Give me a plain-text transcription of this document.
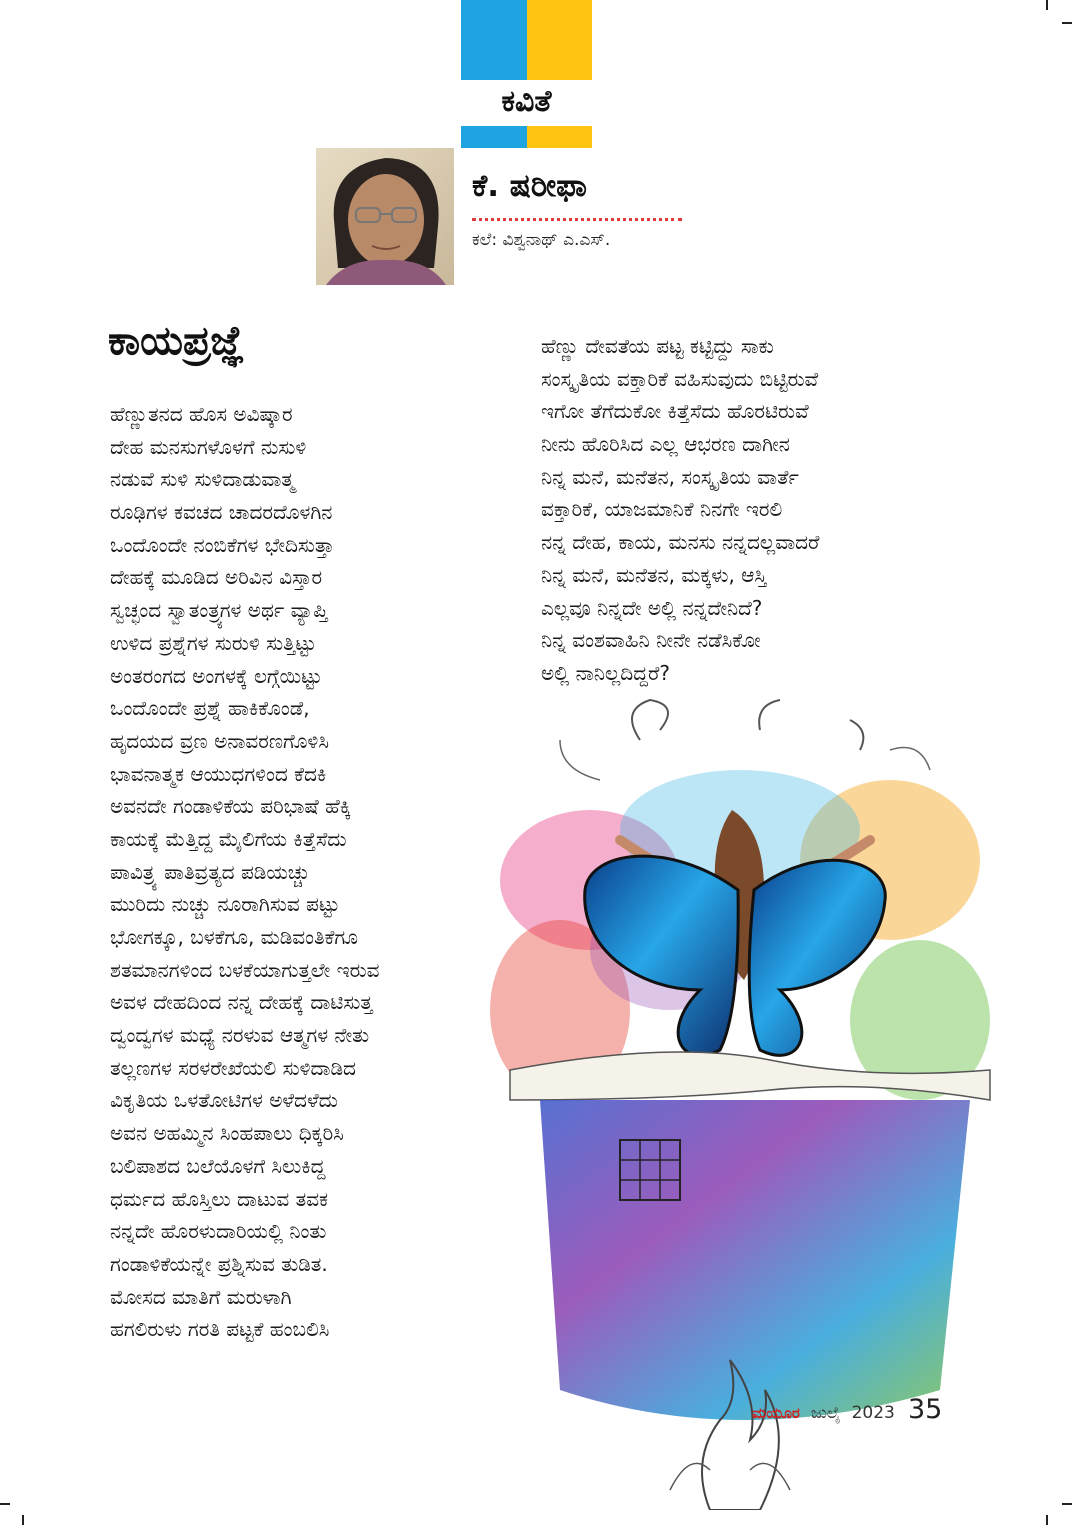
ಕವಿತೆ
ಕೆ. ಷರೀಫಾ
ಕಲೆ: ವಿಶ್ವನಾಥ್ ಎ.ಎಸ್.
ಕಾಯಪ್ರಜ್ಞೆ
ಹೆಣ್ಣುತನದ ಹೊಸ ಅವಿಷ್ಕಾರ
ದೇಹ ಮನಸುಗಳೊಳಗೆ ನುಸುಳಿ
ನಡುವೆ ಸುಳಿ ಸುಳಿದಾಡುವಾತ್ಮ
ರೂಢಿಗಳ ಕವಚದ ಚಾದರದೊಳಗಿನ
ಒಂದೊಂದೇ ನಂಬಿಕೆಗಳ ಭೇದಿಸುತ್ತಾ
ದೇಹಕ್ಕೆ ಮೂಡಿದ ಅರಿವಿನ ವಿಸ್ತಾರ
ಸ್ವಚ್ಛಂದ ಸ್ವಾತಂತ್ರ್ಯಗಳ ಅರ್ಥ ವ್ಯಾಪ್ತಿ
ಉಳಿದ ಪ್ರಶ್ನೆಗಳ ಸುರುಳಿ ಸುತ್ತಿಟ್ಟು
ಅಂತರಂಗದ ಅಂಗಳಕ್ಕೆ ಲಗ್ಗೆಯಿಟ್ಟು
ಒಂದೊಂದೇ ಪ್ರಶ್ನೆ ಹಾಕಿಕೊಂಡೆ,
ಹೃದಯದ ವ್ರಣ ಅನಾವರಣಗೊಳಿಸಿ
ಭಾವನಾತ್ಮಕ ಆಯುಧಗಳಿಂದ ಕೆದಕಿ
ಅವನದೇ ಗಂಡಾಳಿಕೆಯ ಪರಿಭಾಷೆ ಹೆಕ್ಕಿ
ಕಾಯಕ್ಕೆ ಮೆತ್ತಿದ್ದ ಮೈಲಿಗೆಯ ಕಿತ್ತೆಸೆದು
ಪಾವಿತ್ರ್ಯ ಪಾತಿವ್ರತ್ಯದ ಪಡಿಯಚ್ಚು
ಮುರಿದು ನುಚ್ಚು ನೂರಾಗಿಸುವ ಪಟ್ಟು
ಭೋಗಕ್ಕೂ, ಬಳಕೆಗೂ, ಮಡಿವಂತಿಕೆಗೂ
ಶತಮಾನಗಳಿಂದ ಬಳಕೆಯಾಗುತ್ತಲೇ ಇರುವ
ಅವಳ ದೇಹದಿಂದ ನನ್ನ ದೇಹಕ್ಕೆ ದಾಟಿಸುತ್ತ
ದ್ವಂದ್ವಗಳ ಮಧ್ಯೆ ನರಳುವ ಆತ್ಮಗಳ ನೇತು
ತಲ್ಲಣಗಳ ಸರಳರೇಖೆಯಲಿ ಸುಳಿದಾಡಿದ
ವಿಕೃತಿಯ ಒಳತೋಟಿಗಳ ಅಳೆದಳೆದು
ಅವನ ಅಹಮ್ಮಿನ ಸಿಂಹಪಾಲು ಧಿಕ್ಕರಿಸಿ
ಬಲಿಪಾಶದ ಬಲೆಯೊಳಗೆ ಸಿಲುಕಿದ್ದ
ಧರ್ಮದ ಹೊಸ್ತಿಲು ದಾಟುವ ತವಕ
ನನ್ನದೇ ಹೊರಳುದಾರಿಯಲ್ಲಿ ನಿಂತು
ಗಂಡಾಳಿಕೆಯನ್ನೇ ಪ್ರಶ್ನಿಸುವ ತುಡಿತ.
ಮೋಸದ ಮಾತಿಗೆ ಮರುಳಾಗಿ
ಹಗಲಿರುಳು ಗರತಿ ಪಟ್ಟಕೆ ಹಂಬಲಿಸಿ
ಹೆಣ್ಣು ದೇವತೆಯ ಪಟ್ಟ ಕಟ್ಟಿದ್ದು ಸಾಕು
ಸಂಸ್ಕೃತಿಯ ವಕ್ತಾರಿಕೆ ವಹಿಸುವುದು ಬಿಟ್ಟಿರುವೆ
ಇಗೋ ತೆಗೆದುಕೋ ಕಿತ್ತೆಸೆದು ಹೊರಟಿರುವೆ
ನೀನು ಹೊರಿಸಿದ ಎಲ್ಲ ಆಭರಣ ದಾಗೀನ
ನಿನ್ನ ಮನೆ, ಮನೆತನ, ಸಂಸ್ಕೃತಿಯ ವಾರ್ತೆ
ವಕ್ತಾರಿಕೆ, ಯಾಜಮಾನಿಕೆ ನಿನಗೇ ಇರಲಿ
ನನ್ನ ದೇಹ, ಕಾಯ, ಮನಸು ನನ್ನದಲ್ಲವಾದರೆ
ನಿನ್ನ ಮನೆ, ಮನೆತನ, ಮಕ್ಕಳು, ಆಸ್ತಿ
ಎಲ್ಲವೂ ನಿನ್ನದೇ ಅಲ್ಲಿ ನನ್ನದೇನಿದೆ?
ನಿನ್ನ ವಂಶವಾಹಿನಿ ನೀನೇ ನಡೆಸಿಕೋ
ಅಲ್ಲಿ ನಾನಿಲ್ಲದಿದ್ದರೆ?
ಮಯೂರ ಜುಲೈ 2023 35
